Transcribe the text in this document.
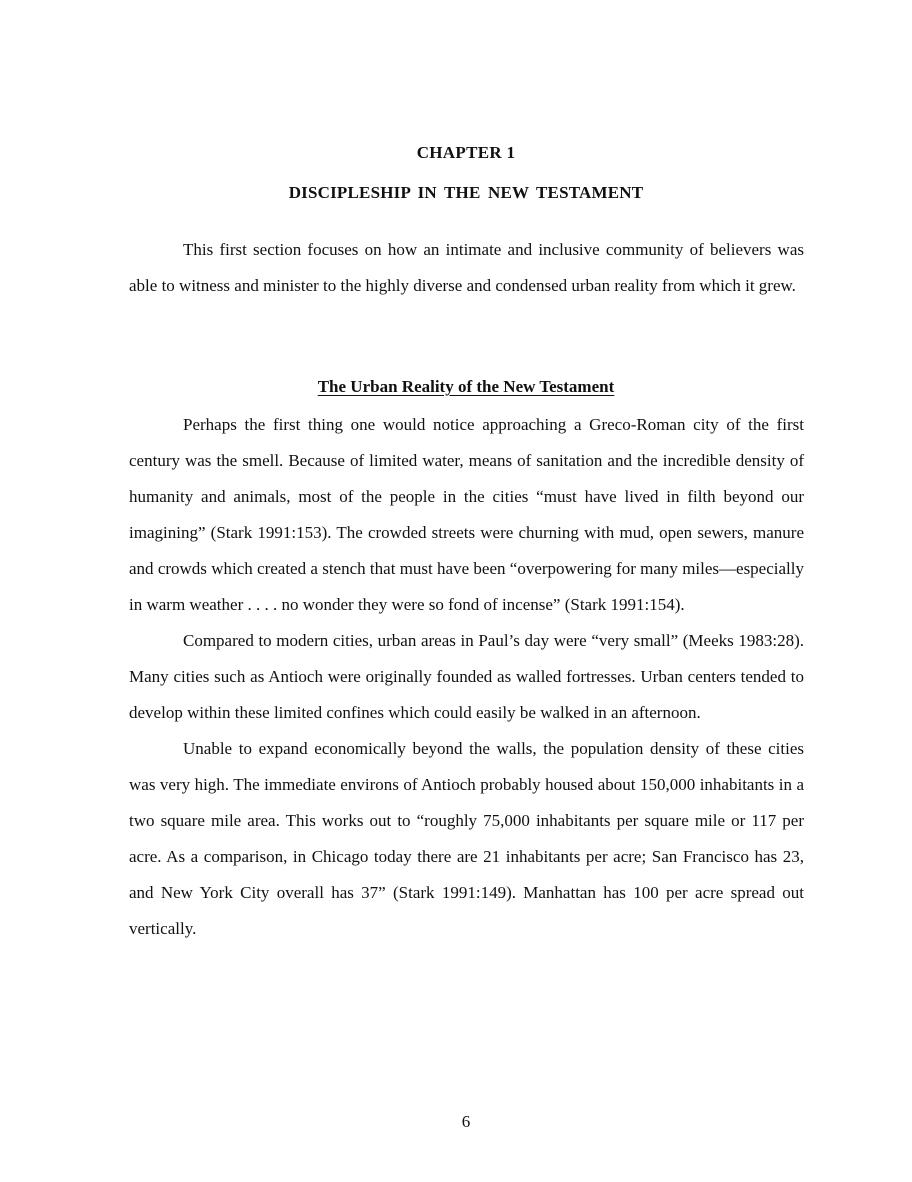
CHAPTER 1
DISCIPLESHIP IN THE NEW TESTAMENT

This first section focuses on how an intimate and inclusive community of believers was able to witness and minister to the highly diverse and condensed urban reality from which it grew.

The Urban Reality of the New Testament

Perhaps the first thing one would notice approaching a Greco-Roman city of the first century was the smell. Because of limited water, means of sanitation and the incredible density of humanity and animals, most of the people in the cities “must have lived in filth beyond our imagining” (Stark 1991:153). The crowded streets were churning with mud, open sewers, manure and crowds which created a stench that must have been “overpowering for many miles—especially in warm weather . . . . no wonder they were so fond of incense” (Stark 1991:154).

Compared to modern cities, urban areas in Paul’s day were “very small” (Meeks 1983:28). Many cities such as Antioch were originally founded as walled fortresses. Urban centers tended to develop within these limited confines which could easily be walked in an afternoon.

Unable to expand economically beyond the walls, the population density of these cities was very high. The immediate environs of Antioch probably housed about 150,000 inhabitants in a two square mile area. This works out to “roughly 75,000 inhabitants per square mile or 117 per acre. As a comparison, in Chicago today there are 21 inhabitants per acre; San Francisco has 23, and New York City overall has 37” (Stark 1991:149). Manhattan has 100 per acre spread out vertically.

6
